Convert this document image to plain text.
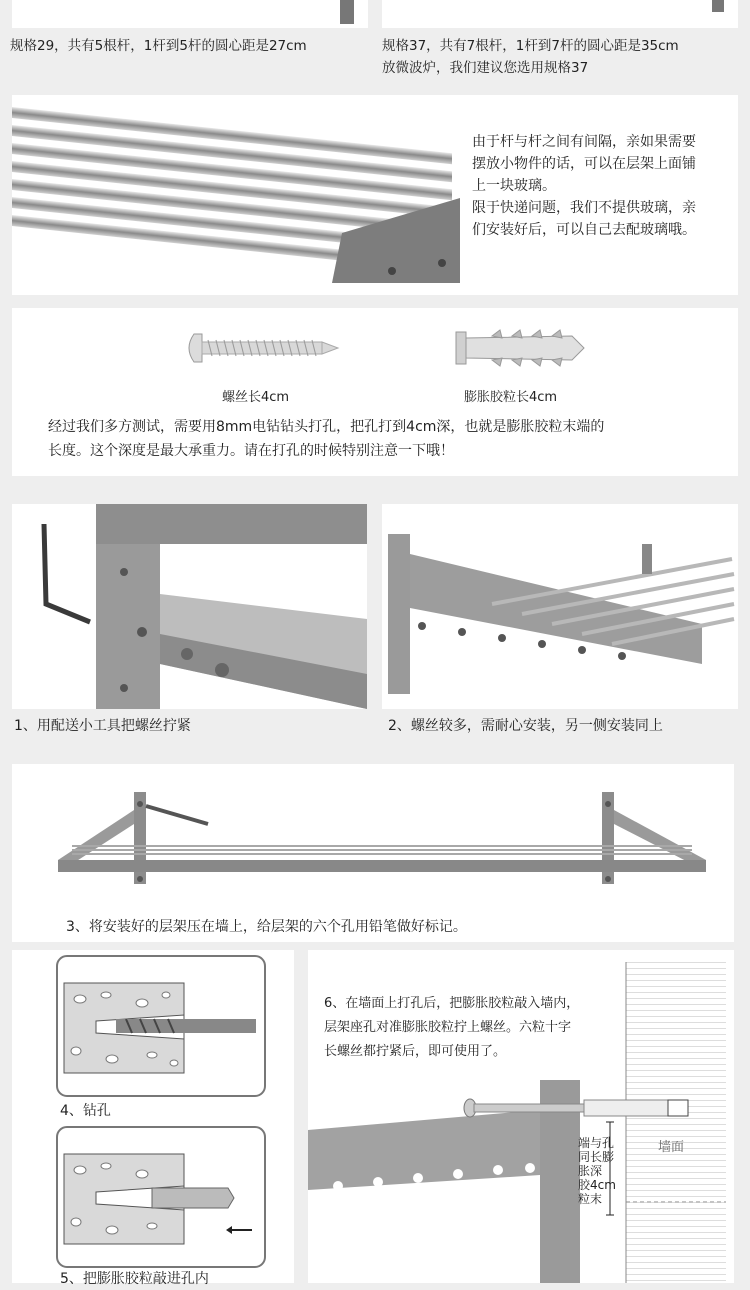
规格29，共有5根杆，1杆到5杆的圆心距是27cm	规格37，共有7根杆，1杆到7杆的圆心距是35cm
放微波炉，我们建议您选用规格37
由于杆与杆之间有间隔，亲如果需要
摆放小物件的话，可以在层架上面铺
上一块玻璃。
限于快递问题，我们不提供玻璃，亲
们安装好后，可以自己去配玻璃哦。
螺丝长4cm	膨胀胶粒长4cm
经过我们多方测试，需要用8mm电钻钻头打孔，把孔打到4cm深，也就是膨胀胶粒末端的
长度。这个深度是最大承重力。请在打孔的时候特别注意一下哦！
1、用配送小工具把螺丝拧紧	2、螺丝较多，需耐心安装，另一侧安装同上
3、将安装好的层架压在墙上，给层架的六个孔用铅笔做好标记。
4、钻孔
5、把膨胀胶粒敲进孔内
6、在墙面上打孔后，把膨胀胶粒敲入墙内，
层架座孔对准膨胀胶粒拧上螺丝。六粒十字
长螺丝都拧紧后，即可使用了。
墙面
端与孔
同长膨
胀深
胶4cm
粒末
